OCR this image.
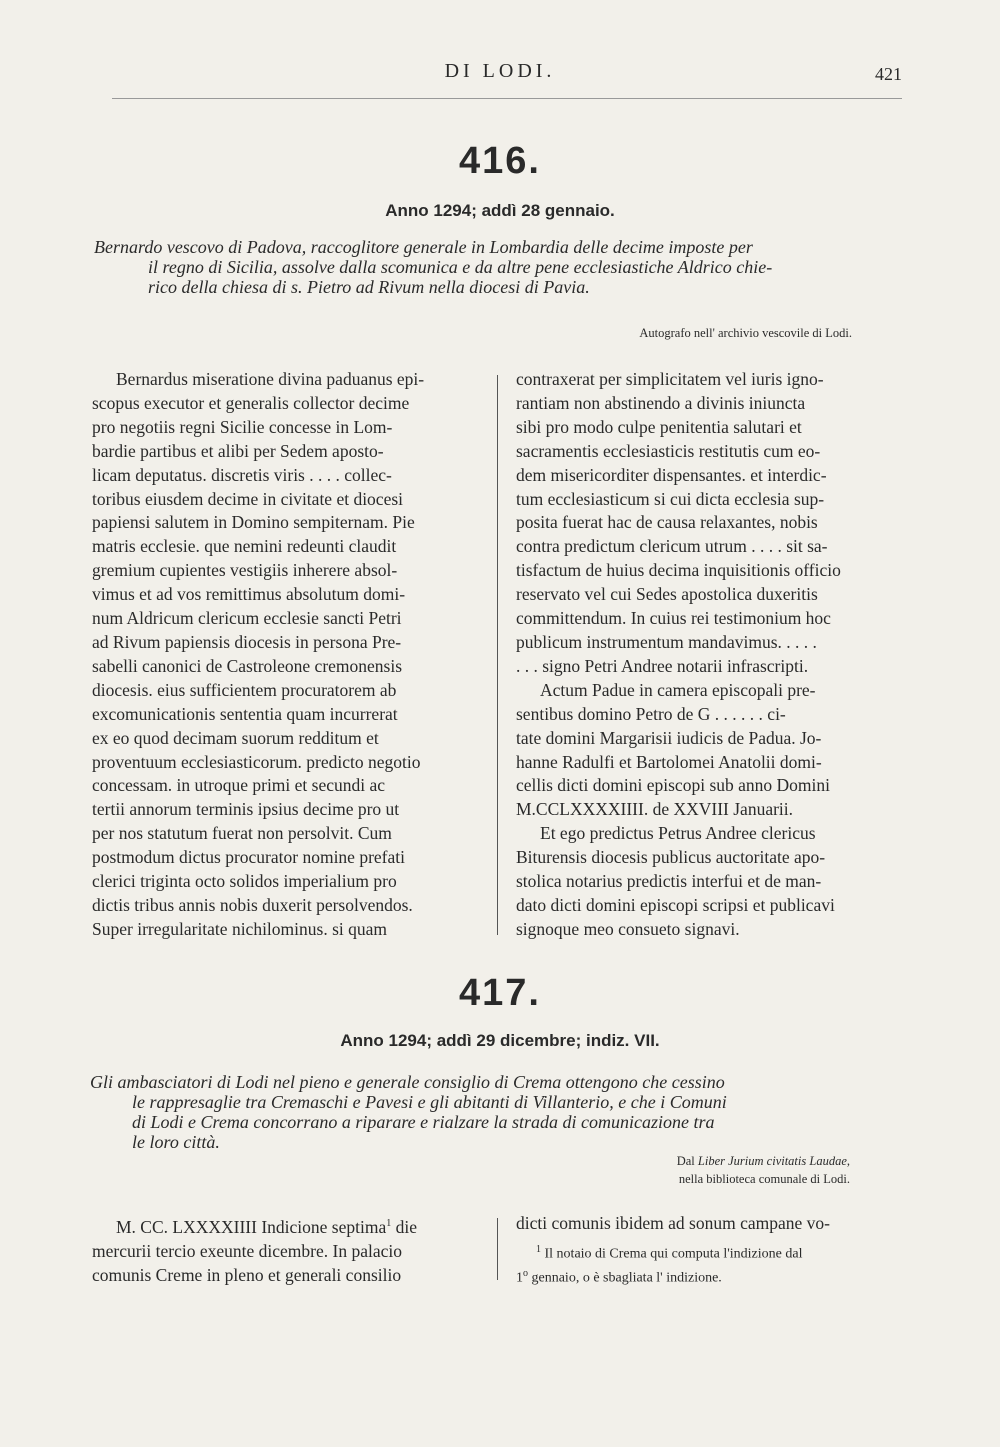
DI LODI.	421
416.
Anno 1294; addì 28 gennaio.

Bernardo vescovo di Padova, raccoglitore generale in Lombardia delle decime imposte per

il regno di Sicilia, assolve dalla scomunica e da altre pene ecclesiastiche Aldrico chie-

rico della chiesa di s. Pietro ad Rivum nella diocesi di Pavia.

Autografo nell' archivio vescovile di Lodi.

Bernardus miseratione divina paduanus epi-

scopus executor et generalis collector decime

pro negotiis regni Sicilie concesse in Lom-

bardie partibus et alibi per Sedem aposto-

licam deputatus. discretis viris . . . . collec-

toribus eiusdem decime in civitate et diocesi

papiensi salutem in Domino sempiternam. Pie

matris ecclesie. que nemini redeunti claudit

gremium cupientes vestigiis inherere absol-

vimus et ad vos remittimus absolutum domi-

num Aldricum clericum ecclesie sancti Petri

ad Rivum papiensis diocesis in persona Pre-

sabelli canonici de Castroleone cremonensis

diocesis. eius sufficientem procuratorem ab

excomunicationis sententia quam incurrerat

ex eo quod decimam suorum redditum et

proventuum ecclesiasticorum. predicto negotio

concessam. in utroque primi et secundi ac

tertii annorum terminis ipsius decime pro ut

per nos statutum fuerat non persolvit. Cum

postmodum dictus procurator nomine prefati

clerici triginta octo solidos imperialium pro

dictis tribus annis nobis duxerit persolvendos.

Super irregularitate nichilominus. si quam

contraxerat per simplicitatem vel iuris igno-

rantiam non abstinendo a divinis iniuncta

sibi pro modo culpe penitentia salutari et

sacramentis ecclesiasticis restitutis cum eo-

dem misericorditer dispensantes. et interdic-

tum ecclesiasticum si cui dicta ecclesia sup-

posita fuerat hac de causa relaxantes, nobis

contra predictum clericum utrum . . . . sit sa-

tisfactum de huius decima inquisitionis officio

reservato vel cui Sedes apostolica duxeritis

committendum. In cuius rei testimonium hoc

publicum instrumentum mandavimus. . . . .

. . . signo Petri Andree notarii infrascripti.

Actum Padue in camera episcopali pre-

sentibus domino Petro de G . . . . . . ci-

tate domini Margarisii iudicis de Padua. Jo-

hanne Radulfi et Bartolomei Anatolii domi-

cellis dicti domini episcopi sub anno Domini

M.CCLXXXXIIII. de XXVIII Januarii.

Et ego predictus Petrus Andree clericus

Biturensis diocesis publicus auctoritate apo-

stolica notarius predictis interfui et de man-

dato dicti domini episcopi scripsi et publicavi

signoque meo consueto signavi.

417.
Anno 1294; addì 29 dicembre; indiz. VII.

Gli ambasciatori di Lodi nel pieno e generale consiglio di Crema ottengono che cessino

le rappresaglie tra Cremaschi e Pavesi e gli abitanti di Villanterio, e che i Comuni

di Lodi e Crema concorrano a riparare e rialzare la strada di comunicazione tra

le loro città.

Dal Liber Jurium civitatis Laudae,
nella biblioteca comunale di Lodi.

M. CC. LXXXXIIII Indicione septima$^1$ die

mercurii tercio exeunte dicembre. In palacio

comunis Creme in pleno et generali consilio

dicti comunis ibidem ad sonum campane vo-

$^1$ Il notaio di Crema qui computa l'indizione dal

1$^o$ gennaio, o è sbagliata l' indizione.
